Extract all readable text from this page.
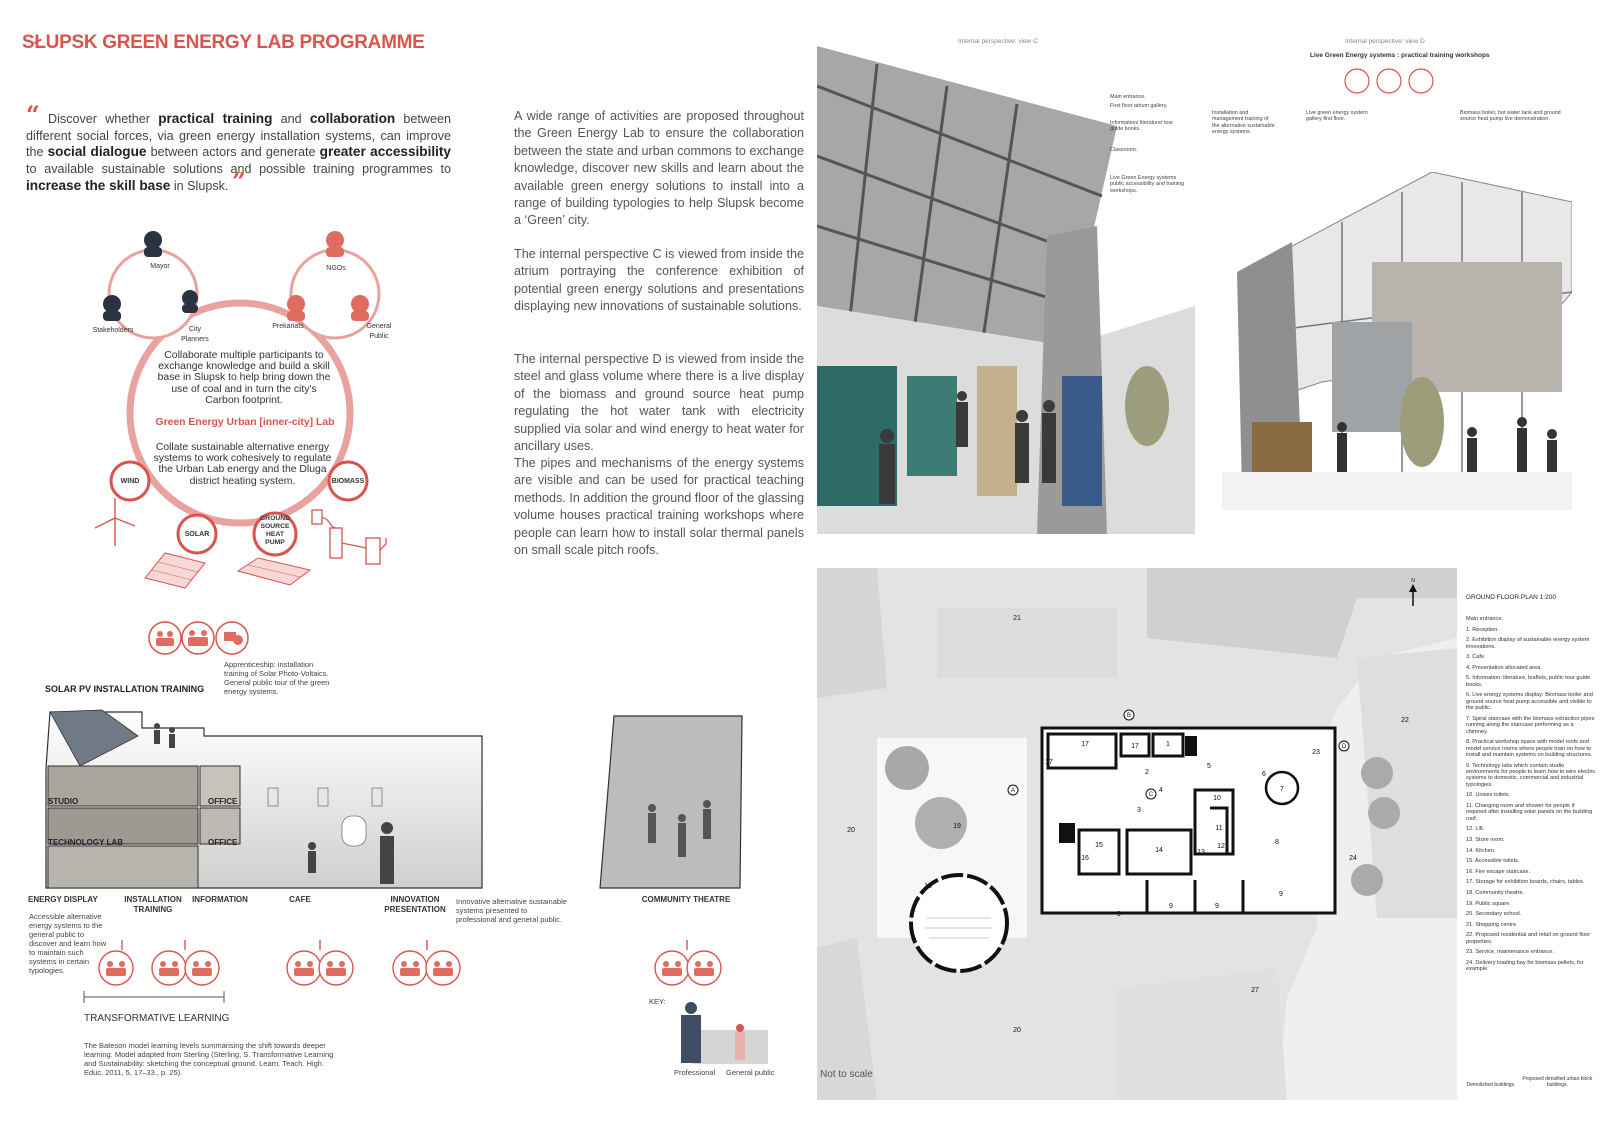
SŁUPSK GREEN ENERGY LAB PROGRAMME
“ Discover whether practical training and collaboration between different social forces, via green energy installation systems, can improve the social dialogue between actors and generate greater accessibility to available sustainable solutions and possible training programmes to increase the skill base in Slupsk. ”
A wide range of activities are proposed throughout the Green Energy Lab to ensure the collaboration between the state and urban commons to exchange knowledge, discover new skills and learn about the available green energy solutions to install into a range of building typologies to help Slupsk become a ‘Green’ city.
The internal perspective C is viewed from inside the atrium portraying the conference exhibition of potential green energy solutions and presentations displaying new innovations of sustainable solutions.
The internal perspective D is viewed from inside the steel and glass volume where there is a live display of the biomass and ground source heat pump regulating the hot water tank with electricity supplied via solar and wind energy to heat water for ancillary uses.
The pipes and mechanisms of the energy systems are visible and can be used for practical teaching methods. In addition the ground floor of the glassing volume houses practical training workshops where people can learn how to install solar thermal panels on small scale pitch roofs.
Mayor
Stakeholders	City Planners
NGOs
Prekariats	General Public
Collaborate multiple participants to exchange knowledge and build a skill base in Slupsk to help bring down the use of coal and in turn the city's Carbon footprint.
Green Energy Urban [inner-city] Lab
Collate sustainable alternative energy systems to work cohesively to regulate the Urban Lab energy and the Dluga district heating system.
WIND
SOLAR
GROUND SOURCE HEAT PUMP
BIOMASS
Apprenticeship: installation training of Solar Photo-Voltaics. General public tour of the green energy systems.
SOLAR PV INSTALLATION TRAINING
STUDIO	OFFICE
TECHNOLOGY LAB	OFFICE
ENERGY DISPLAY	INSTALLATION TRAINING
INFORMATION	CAFE	INNOVATION PRESENTATION
COMMUNITY THEATRE
Accessible alternative energy systems to the general public to discover and learn how to maintain such systems in certain typologies.
Innovative alternative sustainable systems presented to professional and general public.
TRANSFORMATIVE LEARNING
The Bateson model learning levels summarising the shift towards deeper learning. Model adapted from Sterling (Sterling, S. Transformative Learning and Sustainability: sketching the conceptual ground. Learn. Teach. High. Educ. 2011, 5, 17–33., p. 25).
KEY:
Professional General public
Internal perspective: view C
Main entrance.
First floor atrium gallery.
Information/ literature/ tour guide books.
Classroom.
Live Green Energy systems public accessibility and training workshops.
Internal perspective: view D
Live Green Energy systems : practical training workshops
Installation and management training of the alternative sustainable energy systems.
Live green energy system gallery first floor.
Biomass boiler, hot water tank and ground source heat pump live demonstration.
17	17
17
1
2
3
4
5
6
7
8
9
9	9
9
10
11
12
13
14
15
16
18
19
20
21
22
23
24
20
27
A
B
C
D
N
Not to scale
GROUND FLOOR PLAN 1:200
Main entrance.
1. Reception.
2. Exhibition display of sustainable energy system innovations.
3. Cafe.
4. Presentation allocated area.
5. Information: literature, leaflets, public tour guide books.
6. Live energy systems display: Biomass boiler and ground source heat pump accessible and visible to the public.
7. Spiral staircase with the biomass extraction pipes running along the staircase performing as a chimney.
8. Practical workshop space with model roofs and model service rooms where people train on how to install and maintain systems on building structures.
9. Technology labs which contain studio environments for people to learn how to wire electric systems to domestic, commercial and industrial typologies.
10. Unisex toilets.
11. Changing room and shower for people if required after installing solar panels on the building roof.
12. Lift.
13. Store room.
14. Kitchen.
15. Accessible toilets.
16. Fire escape staircase.
17. Storage for exhibition boards, chairs, tables.
18. Community theatre.
19. Public square.
20. Secondary school.
21. Shopping centre.
22. Proposed residential and retail on ground floor properties.
23. Service, maintenance entrance.
24. Delivery loading bay for biomass pellets, for example.
Demolished buildings. Proposed densified urban block buildings.
